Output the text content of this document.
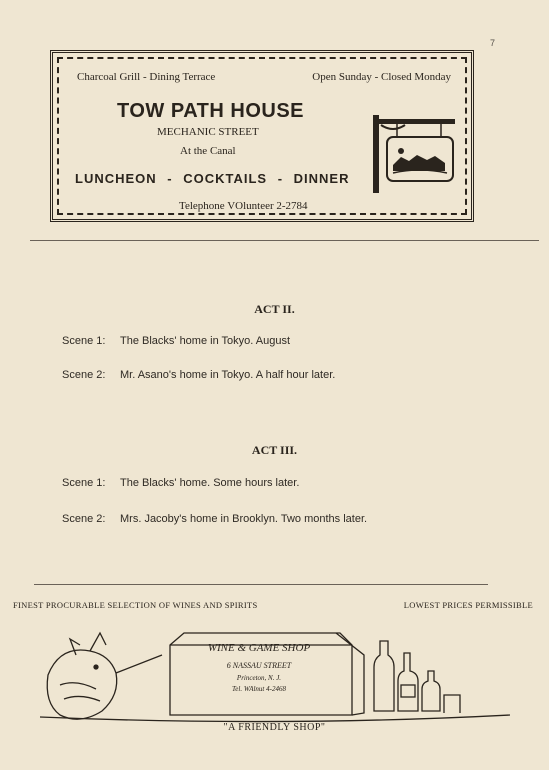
7
Charcoal Grill - Dining Terrace	Open Sunday - Closed Monday
TOW PATH HOUSE
MECHANIC STREET
At the Canal
LUNCHEON - COCKTAILS - DINNER
Telephone VOlunteer 2-2784
ACT II.
Scene 1: The Blacks' home in Tokyo. August
Scene 2: Mr. Asano's home in Tokyo. A half hour later.
ACT III.
Scene 1: The Blacks' home. Some hours later.
Scene 2: Mrs. Jacoby's home in Brooklyn. Two months later.
FINEST PROCURABLE SELECTION OF WINES AND SPIRITS	LOWEST PRICES PERMISSIBLE
WINE & GAME SHOP
6 NASSAU STREET
Princeton, N. J.
Tel. WAlnut 4-2468
"A FRIENDLY SHOP"
